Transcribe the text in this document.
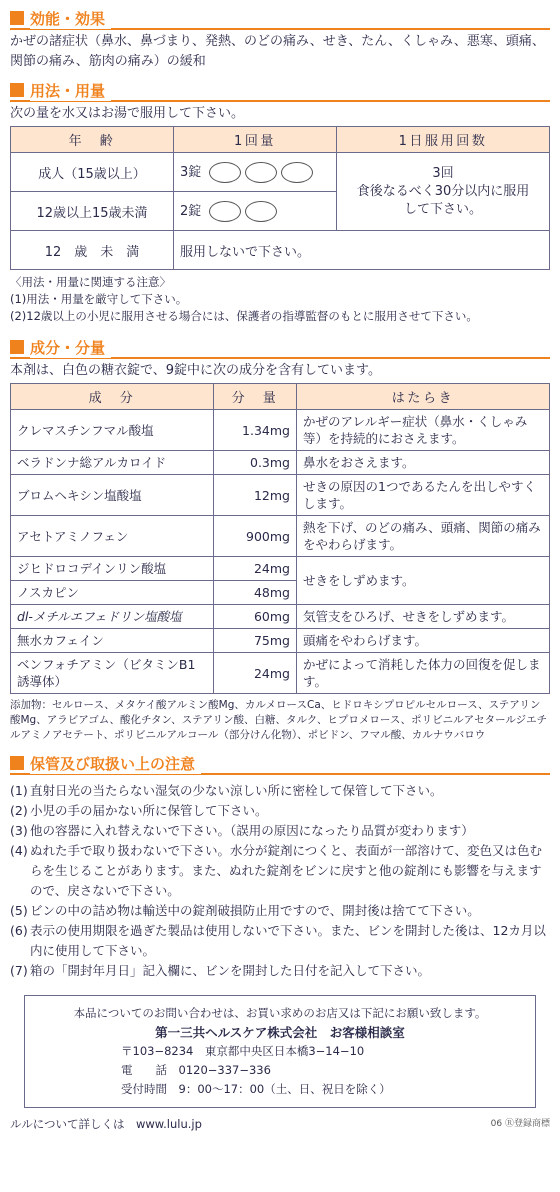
効能・効果
かぜの諸症状（鼻水、鼻づまり、発熱、のどの痛み、せき、たん、くしゃみ、悪寒、頭痛、関節の痛み、筋肉の痛み）の緩和
用法・用量
次の量を水又はお湯で服用して下さい。
年　齢	1回量	1日服用回数
成人（15歳以上）	3錠	3回
食後なるべく30分以内に服用して下さい。

12歳以上15歳未満	2錠	
12　歳　未　満	服用しないで下さい。	
〈用法・用量に関連する注意〉
(1)用法・用量を厳守して下さい。
(2)12歳以上の小児に服用させる場合には、保護者の指導監督のもとに服用させて下さい。
成分・分量
本剤は、白色の糖衣錠で、9錠中に次の成分を含有しています。
成　分	分　量	はたらき
クレマスチンフマル酸塩	1.34mg	かぜのアレルギー症状（鼻水・くしゃみ等）を持続的におさえます。
ベラドンナ総アルカロイド	0.3mg	鼻水をおさえます。
ブロムヘキシン塩酸塩	12mg	せきの原因の1つであるたんを出しやすくします。
アセトアミノフェン	900mg	熱を下げ、のどの痛み、頭痛、関節の痛みをやわらげます。
ジヒドロコデインリン酸塩	24mg	せきをしずめます。
ノスカピン	48mg	
dl-メチルエフェドリン塩酸塩	60mg	気管支をひろげ、せきをしずめます。
無水カフェイン	75mg	頭痛をやわらげます。
ベンフォチアミン（ビタミンB1誘導体）	24mg	かぜによって消耗した体力の回復を促します。
添加物：セルロース、メタケイ酸アルミン酸Mg、カルメロースCa、ヒドロキシプロピルセルロース、ステアリン酸Mg、アラビアゴム、酸化チタン、ステアリン酸、白糖、タルク、ヒプロメロース、ポリビニルアセタールジエチルアミノアセテート、ポリビニルアルコール（部分けん化物）、ポビドン、フマル酸、カルナウバロウ
保管及び取扱い上の注意
(1) 直射日光の当たらない湿気の少ない涼しい所に密栓して保管して下さい。
(2) 小児の手の届かない所に保管して下さい。
(3) 他の容器に入れ替えないで下さい。（誤用の原因になったり品質が変わります）
(4) ぬれた手で取り扱わないで下さい。水分が錠剤につくと、表面が一部溶けて、変色又は色むらを生じることがあります。また、ぬれた錠剤をビンに戻すと他の錠剤にも影響を与えますので、戻さないで下さい。
(5) ビンの中の詰め物は輸送中の錠剤破損防止用ですので、開封後は捨てて下さい。
(6) 表示の使用期限を過ぎた製品は使用しないで下さい。また、ビンを開封した後は、12カ月以内に使用して下さい。
(7) 箱の「開封年月日」記入欄に、ビンを開封した日付を記入して下さい。
本品についてのお問い合わせは、お買い求めのお店又は下記にお願い致します。
第一三共ヘルスケア株式会社　お客様相談室
〒103−8234　東京都中央区日本橋3−14−10
電　　話　 0120−337−336
受付時間　 9：00〜17：00（土、日、祝日を除く）
ルルについて詳しくは　www.lulu.jp	06 Ⓡ登録商標
